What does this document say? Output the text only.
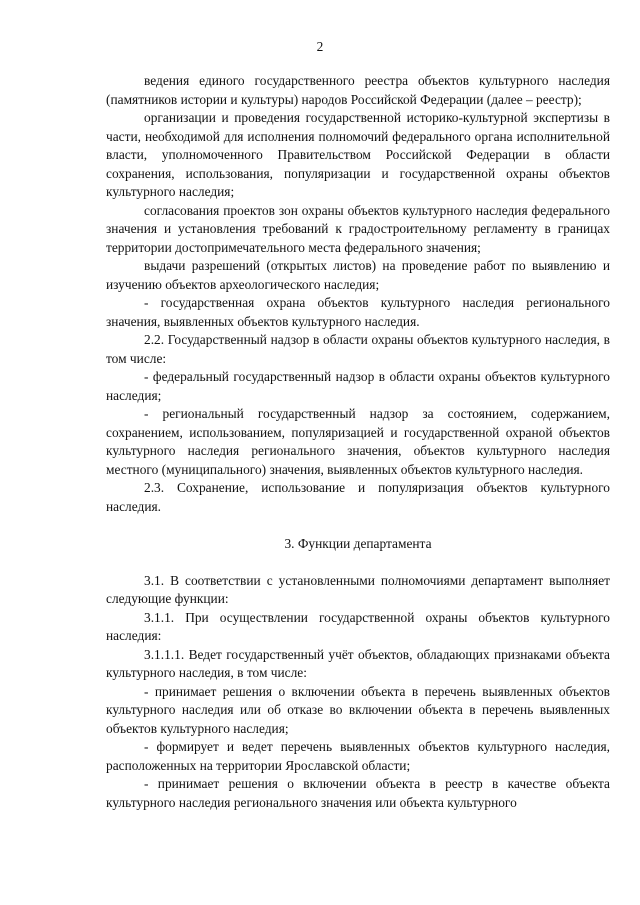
2

ведения единого государственного реестра объектов культурного наследия (памятников истории и культуры) народов Российской Федерации (далее – реестр);

организации и проведения государственной историко-культурной экспертизы в части, необходимой для исполнения полномочий федерального органа исполнительной власти, уполномоченного Правительством Российской Федерации в области сохранения, использования, популяризации и государственной охраны объектов культурного наследия;

согласования проектов зон охраны объектов культурного наследия федерального значения и установления требований к градостроительному регламенту в границах территории достопримечательного места федерального значения;

выдачи разрешений (открытых листов) на проведение работ по выявлению и изучению объектов археологического наследия;

- государственная охрана объектов культурного наследия регионального значения, выявленных объектов культурного наследия.

2.2. Государственный надзор в области охраны объектов культурного наследия, в том числе:

- федеральный государственный надзор в области охраны объектов культурного наследия;

- региональный государственный надзор за состоянием, содержанием, сохранением, использованием, популяризацией и государственной охраной объектов культурного наследия регионального значения, объектов культурного наследия местного (муниципального) значения, выявленных объектов культурного наследия.

2.3. Сохранение, использование и популяризация объектов культурного наследия.

3. Функции департамента

3.1. В соответствии с установленными полномочиями департамент выполняет следующие функции:

3.1.1. При осуществлении государственной охраны объектов культурного наследия:

3.1.1.1. Ведет государственный учёт объектов, обладающих признаками объекта культурного наследия, в том числе:

- принимает решения о включении объекта в перечень выявленных объектов культурного наследия или об отказе во включении объекта в перечень выявленных объектов культурного наследия;

- формирует и ведет перечень выявленных объектов культурного наследия, расположенных на территории Ярославской области;

- принимает решения о включении объекта в реестр в качестве объекта культурного наследия регионального значения или объекта культурного
